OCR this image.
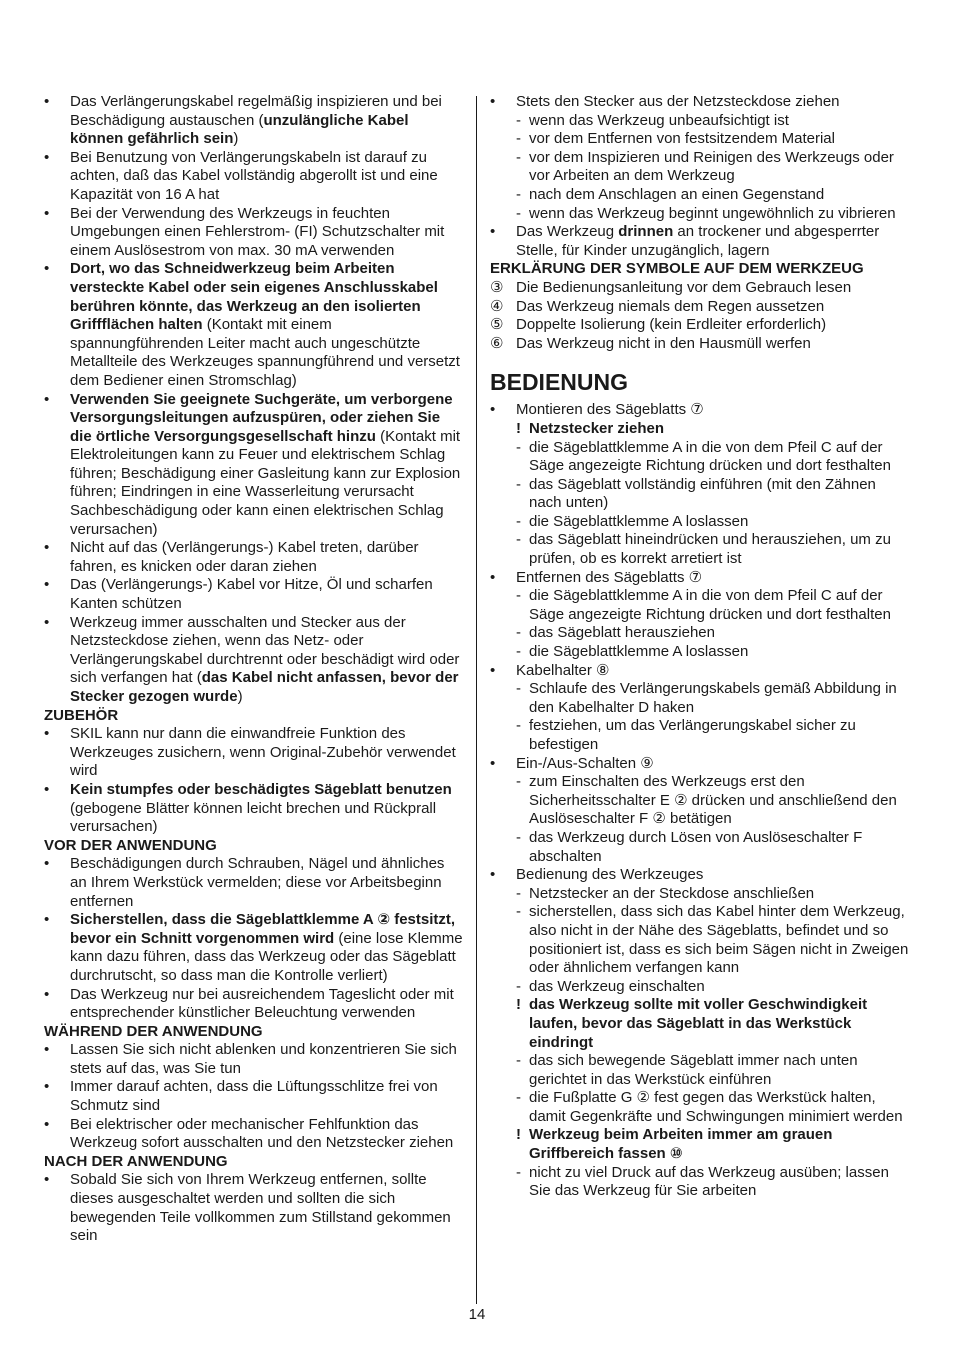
•	Das Verlängerungskabel regelmäßig inspizieren und bei Beschädigung austauschen (unzulängliche Kabel können gefährlich sein)
•	Bei Benutzung von Verlängerungskabeln ist darauf zu achten, daß das Kabel vollständig abgerollt ist und eine Kapazität von 16 A hat
•	Bei der Verwendung des Werkzeugs in feuchten Umgebungen einen Fehlerstrom- (FI) Schutzschalter mit einem Auslösestrom von max. 30 mA verwenden
•	Dort, wo das Schneidwerkzeug beim Arbeiten versteckte Kabel oder sein eigenes Anschlusskabel berühren könnte, das Werkzeug an den isolierten Griffflächen halten (Kontakt mit einem spannungführenden Leiter macht auch ungeschützte Metallteile des Werkzeuges spannungführend und versetzt dem Bediener einen Stromschlag)
•	Verwenden Sie geeignete Suchgeräte, um verborgene Versorgungsleitungen aufzuspüren, oder ziehen Sie die örtliche Versorgungsgesellschaft hinzu (Kontakt mit Elektroleitungen kann zu Feuer und elektrischem Schlag führen; Beschädigung einer Gasleitung kann zur Explosion führen; Eindringen in eine Wasserleitung verursacht Sachbeschädigung oder kann einen elektrischen Schlag verursachen)
•	Nicht auf das (Verlängerungs-) Kabel treten, darüber fahren, es knicken oder daran ziehen
•	Das (Verlängerungs-) Kabel vor Hitze, Öl und scharfen Kanten schützen
•	Werkzeug immer ausschalten und Stecker aus der Netzsteckdose ziehen, wenn das Netz- oder Verlängerungskabel durchtrennt oder beschädigt wird oder sich verfangen hat (das Kabel nicht anfassen, bevor der Stecker gezogen wurde)
ZUBEHÖR
•	SKIL kann nur dann die einwandfreie Funktion des Werkzeuges zusichern, wenn Original-Zubehör verwendet wird
•	Kein stumpfes oder beschädigtes Sägeblatt benutzen (gebogene Blätter können leicht brechen und Rückprall verursachen)
VOR DER ANWENDUNG
•	Beschädigungen durch Schrauben, Nägel und ähnliches an Ihrem Werkstück vermelden; diese vor Arbeitsbeginn entfernen
•	Sicherstellen, dass die Sägeblattklemme A ② festsitzt, bevor ein Schnitt vorgenommen wird (eine lose Klemme kann dazu führen, dass das Werkzeug oder das Sägeblatt durchrutscht, so dass man die Kontrolle verliert)
•	Das Werkzeug nur bei ausreichendem Tageslicht oder mit entsprechender künstlicher Beleuchtung verwenden
WÄHREND DER ANWENDUNG
•	Lassen Sie sich nicht ablenken und konzentrieren Sie sich stets auf das, was Sie tun
•	Immer darauf achten, dass die Lüftungsschlitze frei von Schmutz sind
•	Bei elektrischer oder mechanischer Fehlfunktion das Werkzeug sofort ausschalten und den Netzstecker ziehen
NACH DER ANWENDUNG
•	Sobald Sie sich von Ihrem Werkzeug entfernen, sollte dieses ausgeschaltet werden und sollten die sich bewegenden Teile vollkommen zum Stillstand gekommen sein
•	Stets den Stecker aus der Netzsteckdose ziehen
- wenn das Werkzeug unbeaufsichtigt ist
- vor dem Entfernen von festsitzendem Material
- vor dem Inspizieren und Reinigen des Werkzeugs oder vor Arbeiten an dem Werkzeug
- nach dem Anschlagen an einen Gegenstand
- wenn das Werkzeug beginnt ungewöhnlich zu vibrieren
•	Das Werkzeug drinnen an trockener und abgesperrter Stelle, für Kinder unzugänglich, lagern
ERKLÄRUNG DER SYMBOLE AUF DEM WERKZEUG
③ Die Bedienungsanleitung vor dem Gebrauch lesen
④ Das Werkzeug niemals dem Regen aussetzen
⑤ Doppelte Isolierung (kein Erdleiter erforderlich)
⑥ Das Werkzeug nicht in den Hausmüll werfen
BEDIENUNG
•	Montieren des Sägeblatts ⑦
! Netzstecker ziehen
- die Sägeblattklemme A in die von dem Pfeil C auf der Säge angezeigte Richtung drücken und dort festhalten
- das Sägeblatt vollständig einführen (mit den Zähnen nach unten)
- die Sägeblattklemme A loslassen
- das Sägeblatt hineindrücken und herausziehen, um zu prüfen, ob es korrekt arretiert ist
•	Entfernen des Sägeblatts ⑦
- die Sägeblattklemme A in die von dem Pfeil C auf der Säge angezeigte Richtung drücken und dort festhalten
- das Sägeblatt herausziehen
- die Sägeblattklemme A loslassen
•	Kabelhalter ⑧
- Schlaufe des Verlängerungskabels gemäß Abbildung in den Kabelhalter D haken
- festziehen, um das Verlängerungskabel sicher zu befestigen
•	Ein-/Aus-Schalten ⑨
- zum Einschalten des Werkzeugs erst den Sicherheitsschalter E ② drücken und anschließend den Auslöseschalter F ② betätigen
- das Werkzeug durch Lösen von Auslöseschalter F abschalten
•	Bedienung des Werkzeuges
- Netzstecker an der Steckdose anschließen
- sicherstellen, dass sich das Kabel hinter dem Werkzeug, also nicht in der Nähe des Sägeblatts, befindet und so positioniert ist, dass es sich beim Sägen nicht in Zweigen oder ähnlichem verfangen kann
- das Werkzeug einschalten
! das Werkzeug sollte mit voller Geschwindigkeit laufen, bevor das Sägeblatt in das Werkstück eindringt
- das sich bewegende Sägeblatt immer nach unten gerichtet in das Werkstück einführen
- die Fußplatte G ② fest gegen das Werkstück halten, damit Gegenkräfte und Schwingungen minimiert werden
! Werkzeug beim Arbeiten immer am grauen Griffbereich fassen ⑩
- nicht zu viel Druck auf das Werkzeug ausüben; lassen Sie das Werkzeug für Sie arbeiten
14
